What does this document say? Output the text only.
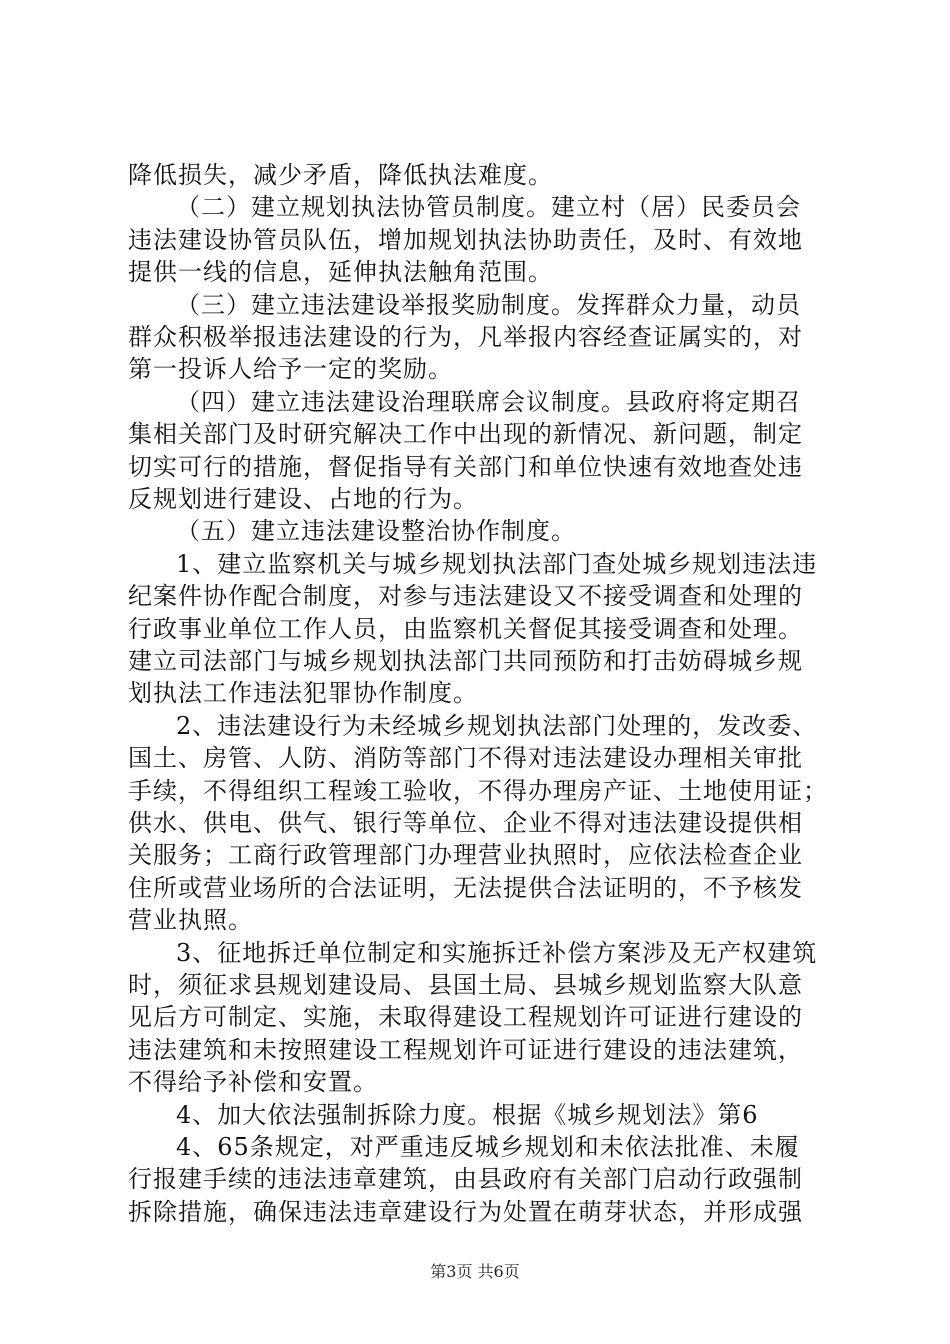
降低损失，减少矛盾，降低执法难度。
（二）建立规划执法协管员制度。建立村（居）民委员会
违法建设协管员队伍，增加规划执法协助责任，及时、有效地
提供一线的信息，延伸执法触角范围。
（三）建立违法建设举报奖励制度。发挥群众力量，动员
群众积极举报违法建设的行为，凡举报内容经查证属实的，对
第一投诉人给予一定的奖励。
（四）建立违法建设治理联席会议制度。县政府将定期召
集相关部门及时研究解决工作中出现的新情况、新问题，制定
切实可行的措施，督促指导有关部门和单位快速有效地查处违
反规划进行建设、占地的行为。
（五）建立违法建设整治协作制度。
1、建立监察机关与城乡规划执法部门查处城乡规划违法违
纪案件协作配合制度，对参与违法建设又不接受调查和处理的
行政事业单位工作人员，由监察机关督促其接受调查和处理。
建立司法部门与城乡规划执法部门共同预防和打击妨碍城乡规
划执法工作违法犯罪协作制度。
2、违法建设行为未经城乡规划执法部门处理的，发改委、
国土、房管、人防、消防等部门不得对违法建设办理相关审批
手续，不得组织工程竣工验收，不得办理房产证、土地使用证；
供水、供电、供气、银行等单位、企业不得对违法建设提供相
关服务；工商行政管理部门办理营业执照时，应依法检查企业
住所或营业场所的合法证明，无法提供合法证明的，不予核发
营业执照。
3、征地拆迁单位制定和实施拆迁补偿方案涉及无产权建筑
时，须征求县规划建设局、县国土局、县城乡规划监察大队意
见后方可制定、实施，未取得建设工程规划许可证进行建设的
违法建筑和未按照建设工程规划许可证进行建设的违法建筑，
不得给予补偿和安置。
4、加大依法强制拆除力度。根据《城乡规划法》第6
4、65条规定，对严重违反城乡规划和未依法批准、未履
行报建手续的违法违章建筑，由县政府有关部门启动行政强制
拆除措施，确保违法违章建设行为处置在萌芽状态，并形成强
第3页 共6页
